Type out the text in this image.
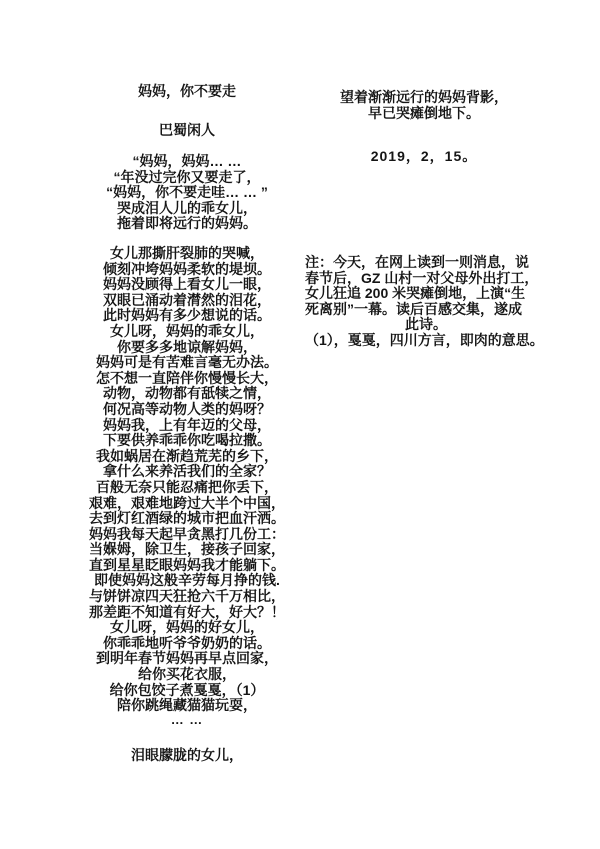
妈妈，你不要走
巴蜀闲人
“妈妈，妈妈… …
“年没过完你又要走了，
“妈妈，你不要走哇… … ”
哭成泪人儿的乖女儿，
拖着即将远行的妈妈。
女儿那撕肝裂肺的哭喊，
倾刻冲垮妈妈柔软的堤坝。
妈妈没顾得上看女儿一眼，
双眼已涌动着潸然的泪花，
此时妈妈有多少想说的话。
女儿呀，妈妈的乖女儿，
你要多多地谅解妈妈，
妈妈可是有苦难言毫无办法。
怎不想一直陪伴你慢慢长大，
动物，动物都有舐犊之情，
何况高等动物人类的妈呀？
妈妈我，上有年迈的父母，
下要供养乖乖你吃喝拉撒。
我如蜗居在渐趋荒芜的乡下，
拿什么来养活我们的全家？
百般无奈只能忍痛把你丢下，
艰难，艰难地跨过大半个中国，
去到灯红酒绿的城市把血汗洒。
妈妈我每天起早贪黑打几份工：
当媬姆，除卫生，接孩子回家，
直到星星眨眼妈妈我才能躺下。
即使妈妈这般辛劳每月挣的钱.
与饼饼凉四天狂抢六千万相比，
那差距不知道有好大，好大？！
女儿呀，妈妈的好女儿，
你乖乖地听爷爷奶奶的话。
到明年春节妈妈再早点回家，
给你买花衣服，
给你包饺子煮戛戛，（1）
陪你跳绳藏猫猫玩耍，
… …
泪眼朦胧的女儿，
望着渐渐远行的妈妈背影，
早已哭瘫倒地下。
2019，2，15。
注：今天，在网上读到一则消息，说
春节后，GZ 山村一对父母外出打工，
女儿狂追 200 米哭瘫倒地，上演“生
死离别”一幕。读后百感交集，遂成
此诗。
（1），戛戛，四川方言，即肉的意思。
